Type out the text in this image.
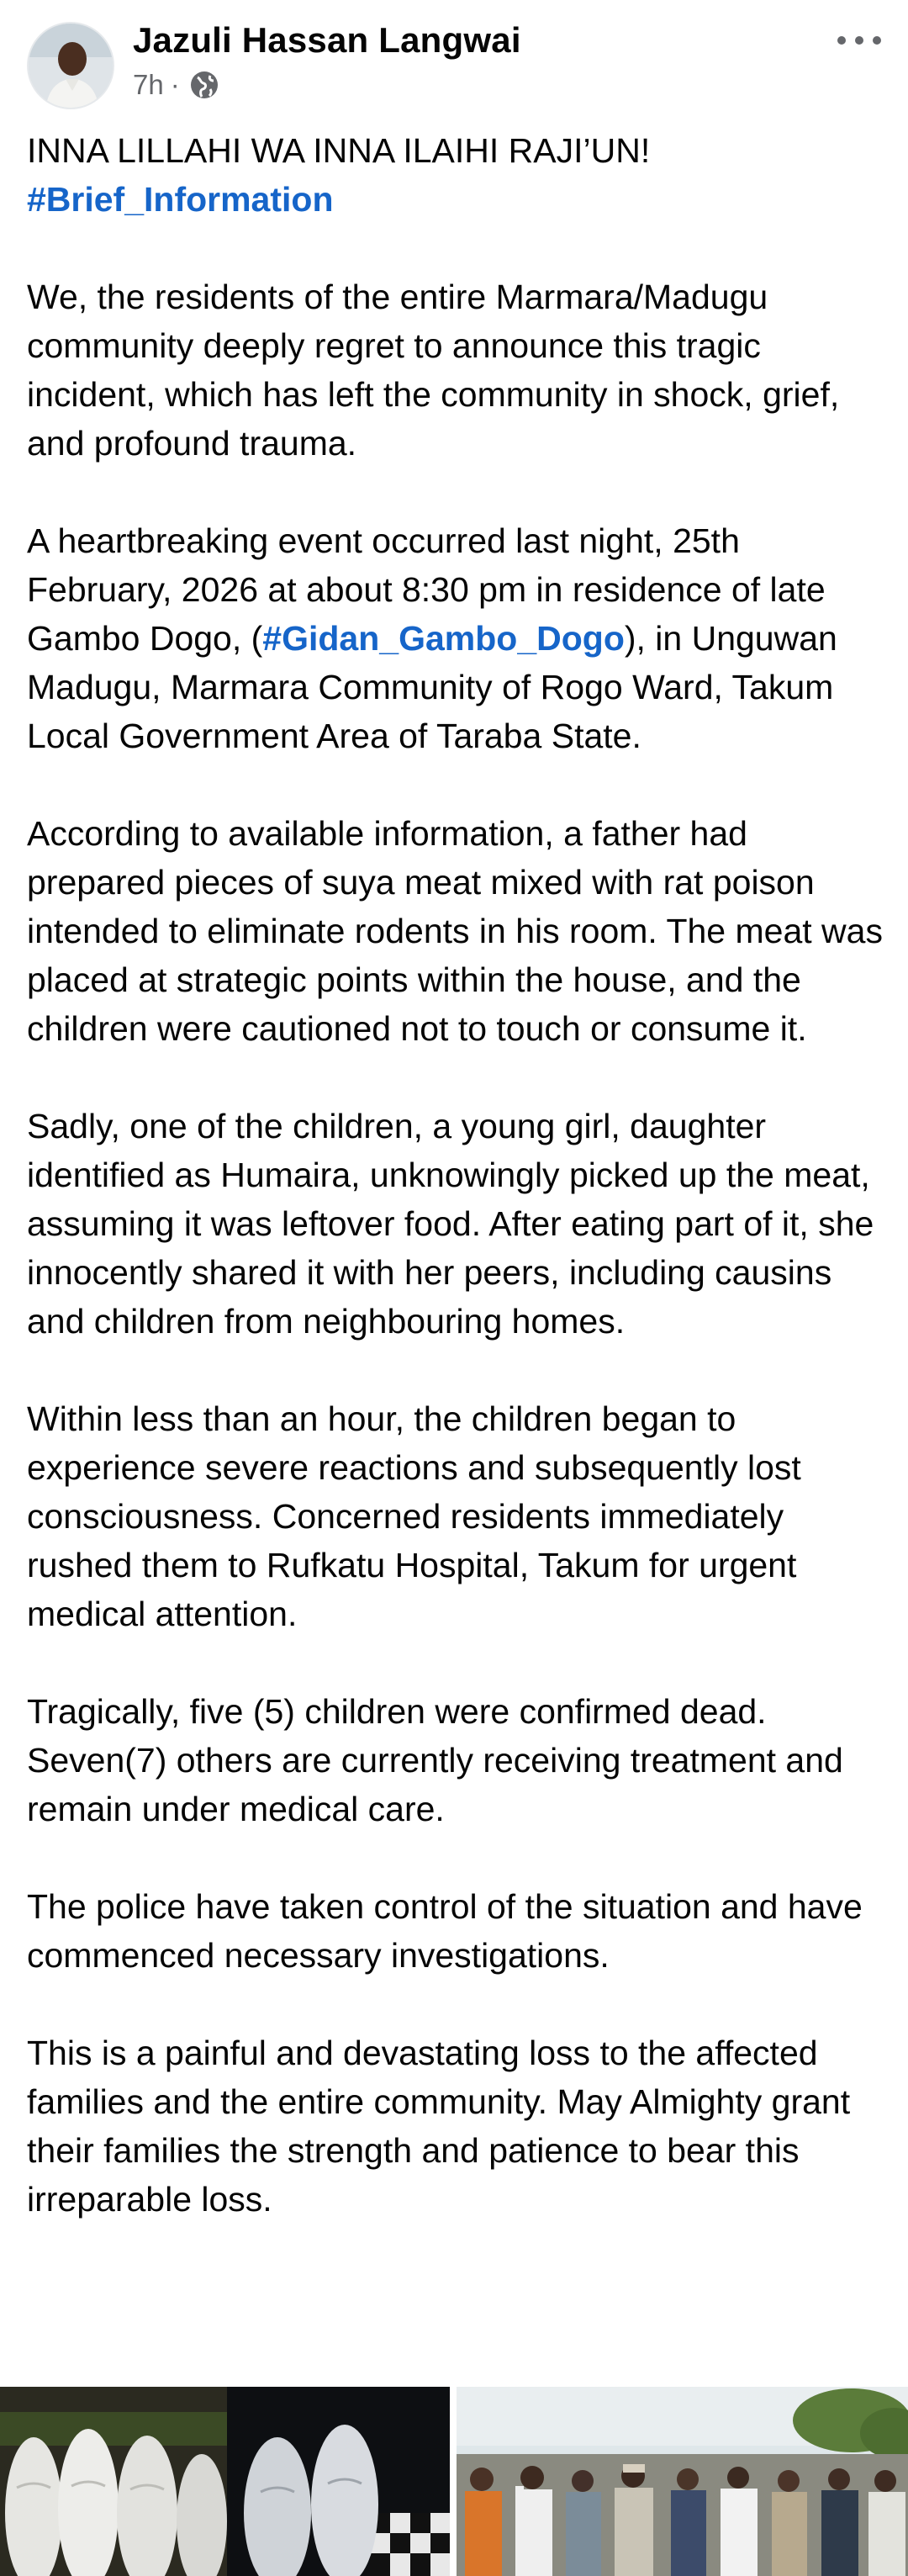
Jazuli Hassan Langwai
7h ·

INNA LILLAHI WA INNA ILAIHI RAJI’UN!

#Brief_Information

We, the residents of the entire Marmara/Madugu community deeply regret to announce this tragic incident, which has left the community in shock, grief, and profound trauma.

A heartbreaking event occurred last night, 25th February, 2026 at about 8:30 pm in residence of late Gambo Dogo, (#Gidan_Gambo_Dogo), in Unguwan Madugu, Marmara Community of Rogo Ward, Takum Local Government Area of Taraba State.

According to available information, a father had prepared pieces of suya meat mixed with rat poison intended to eliminate rodents in his room. The meat was placed at strategic points within the house, and the children were cautioned not to touch or consume it.

Sadly, one of the children, a young girl, daughter identified as Humaira, unknowingly picked up the meat, assuming it was leftover food. After eating part of it, she innocently shared it with her peers, including causins and children from neighbouring homes.

Within less than an hour, the children began to experience severe reactions and subsequently lost consciousness. Concerned residents immediately rushed them to Rufkatu Hospital, Takum for urgent medical attention.

Tragically, five (5) children were confirmed dead. Seven(7) others are currently receiving treatment and remain under medical care.

The police have taken control of the situation and have commenced necessary investigations.

This is a painful and devastating loss to the affected families and the entire community. May Almighty grant their families the strength and patience to bear this irreparable loss.
